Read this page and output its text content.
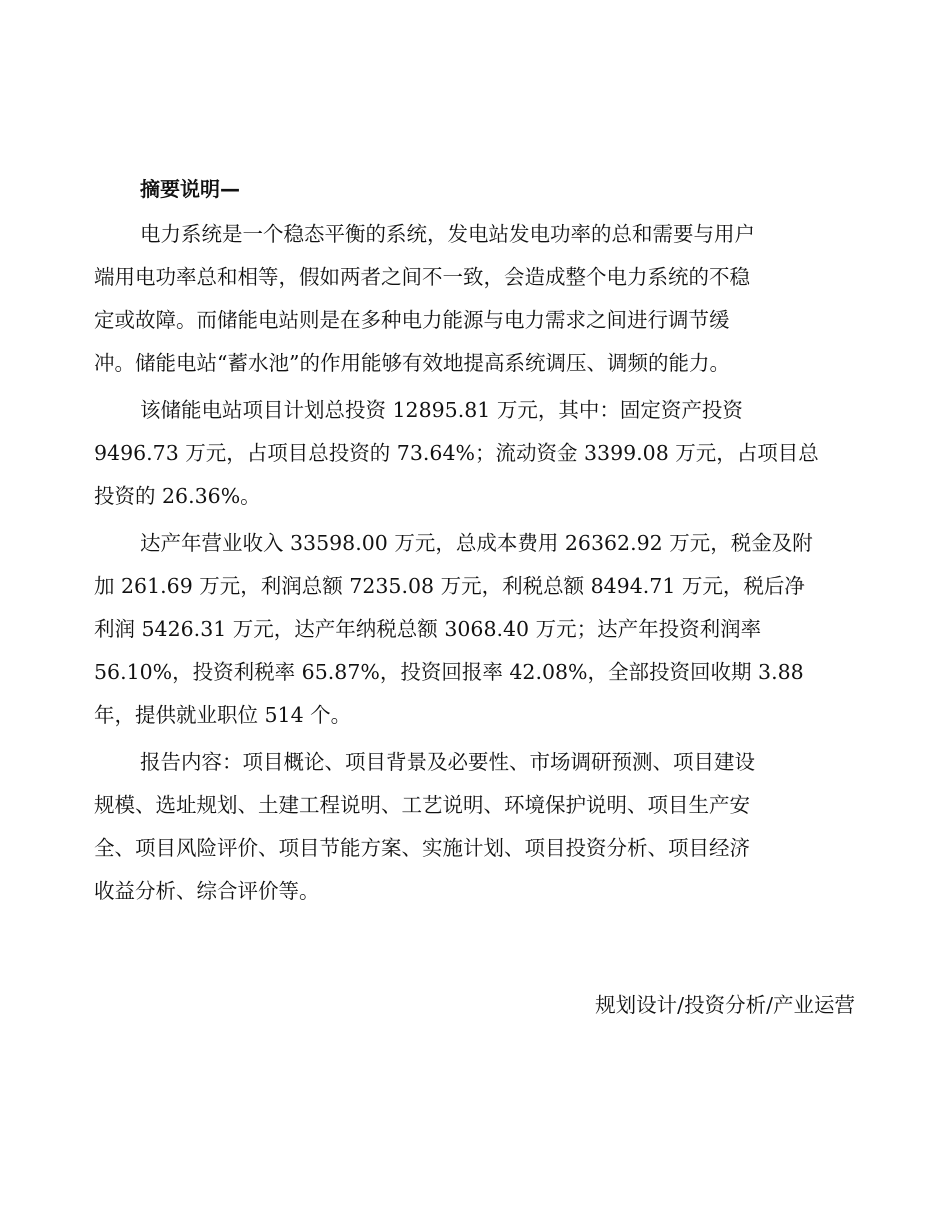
摘要说明—
电力系统是一个稳态平衡的系统，发电站发电功率的总和需要与用户
端用电功率总和相等，假如两者之间不一致，会造成整个电力系统的不稳
定或故障。而储能电站则是在多种电力能源与电力需求之间进行调节缓
冲。储能电站“蓄水池”的作用能够有效地提高系统调压、调频的能力。
该储能电站项目计划总投资 12895.81 万元，其中：固定资产投资
9496.73 万元，占项目总投资的 73.64%；流动资金 3399.08 万元，占项目总
投资的 26.36%。
达产年营业收入 33598.00 万元，总成本费用 26362.92 万元，税金及附
加 261.69 万元，利润总额 7235.08 万元，利税总额 8494.71 万元，税后净
利润 5426.31 万元，达产年纳税总额 3068.40 万元；达产年投资利润率
56.10%，投资利税率 65.87%，投资回报率 42.08%，全部投资回收期 3.88
年，提供就业职位 514 个。
报告内容：项目概论、项目背景及必要性、市场调研预测、项目建设
规模、选址规划、土建工程说明、工艺说明、环境保护说明、项目生产安
全、项目风险评价、项目节能方案、实施计划、项目投资分析、项目经济
收益分析、综合评价等。
规划设计/投资分析/产业运营
